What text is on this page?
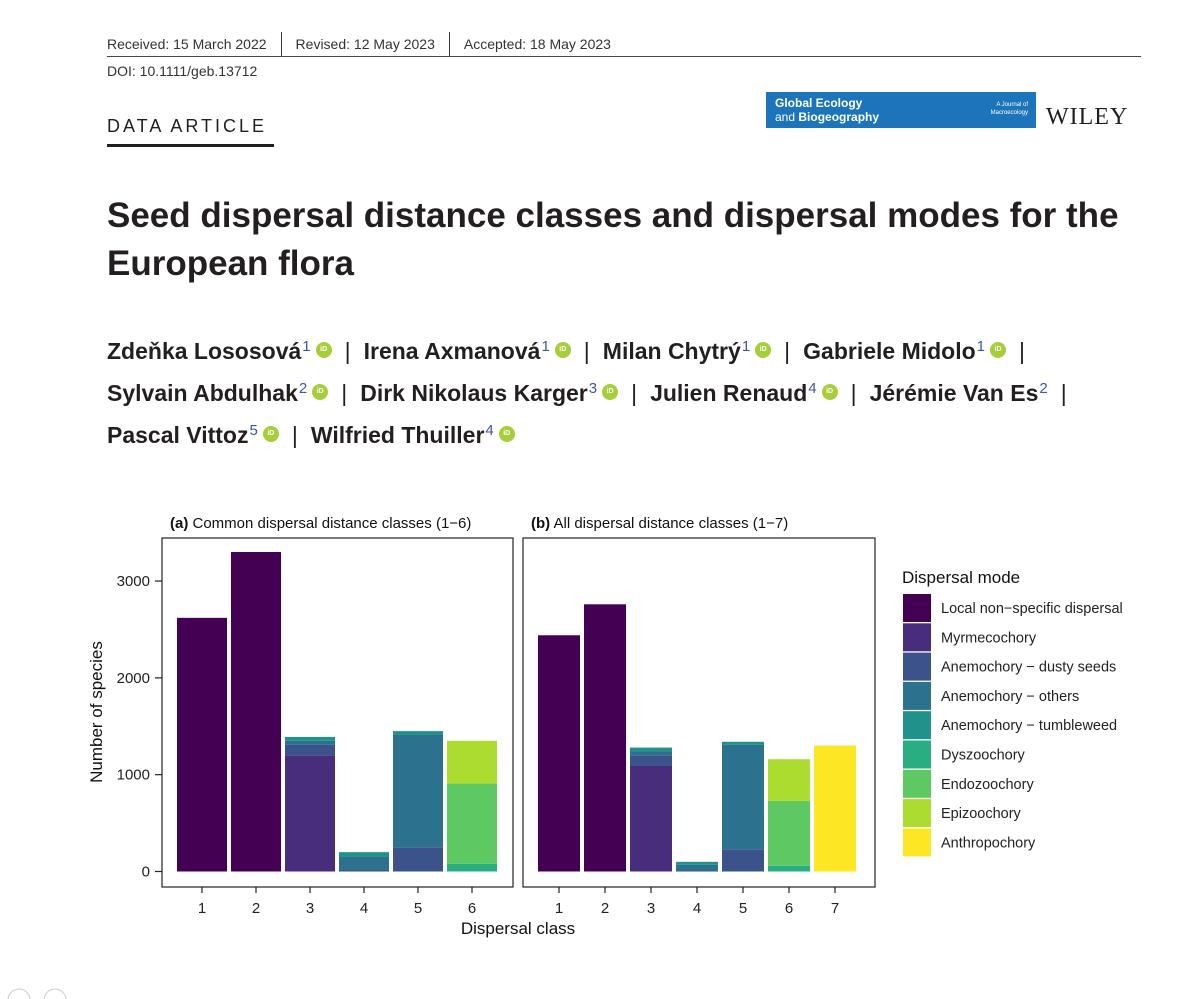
Received: 15 March 2022 Revised: 12 May 2023 Accepted: 18 May 2023
DOI: 10.1111/geb.13712
DATA ARTICLE
Global Ecology
and Biogeography
A Journal of
Macroecology WILEY
Seed dispersal distance classes and dispersal modes for the European flora
Zdeňka Lososová$^1$ iD | Irena Axmanová$^1$ iD | Milan Chytrý$^1$ iD | Gabriele Midolo$^1$ iD |
Sylvain Abdulhak$^2$ iD | Dirk Nikolaus Karger$^3$ iD | Julien Renaud$^4$ iD | Jérémie Van Es$^2$ |
Pascal Vittoz$^5$ iD | Wilfried Thuiller$^4$iD
(a) Common dispersal distance classes (1−6)
1	2	3	4	5	6
(b) All dispersal distance classes (1−7)
1	2	3	4	5	6	7
0
1000
2000
3000
Number of species
Dispersal class
Dispersal mode
Local non−specific dispersal
Myrmecochory
Anemochory − dusty seeds
Anemochory − others
Anemochory − tumbleweed
Dyszoochory
Endozoochory
Epizoochory
Anthropochory
